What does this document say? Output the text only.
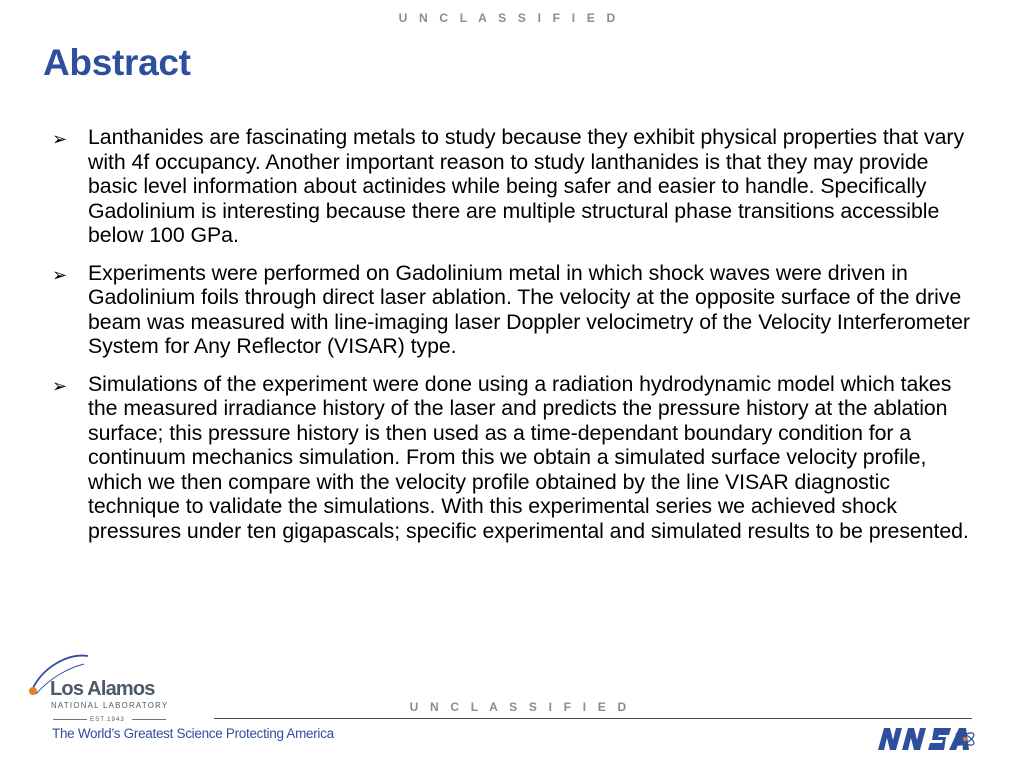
U N C L A S S I F I E D
Abstract
➢ Lanthanides are fascinating metals to study because they exhibit physical properties that vary with 4f occupancy. Another important reason to study lanthanides is that they may provide basic level information about actinides while being safer and easier to handle. Specifically Gadolinium is interesting because there are multiple structural phase transitions accessible below 100 GPa.
➢ Experiments were performed on Gadolinium metal in which shock waves were driven in Gadolinium foils through direct laser ablation. The velocity at the opposite surface of the drive beam was measured with line-imaging laser Doppler velocimetry of the Velocity Interferometer System for Any Reflector (VISAR) type.
➢ Simulations of the experiment were done using a radiation hydrodynamic model which takes the measured irradiance history of the laser and predicts the pressure history at the ablation surface; this pressure history is then used as a time-dependant boundary condition for a continuum mechanics simulation. From this we obtain a simulated surface velocity profile, which we then compare with the velocity profile obtained by the line VISAR diagnostic technique to validate the simulations. With this experimental series we achieved shock pressures under ten gigapascals; specific experimental and simulated results to be presented.
Los Alamos
NATIONAL LABORATORY
EST.1943
U N C L A S S I F I E D
The World’s Greatest Science Protecting America
